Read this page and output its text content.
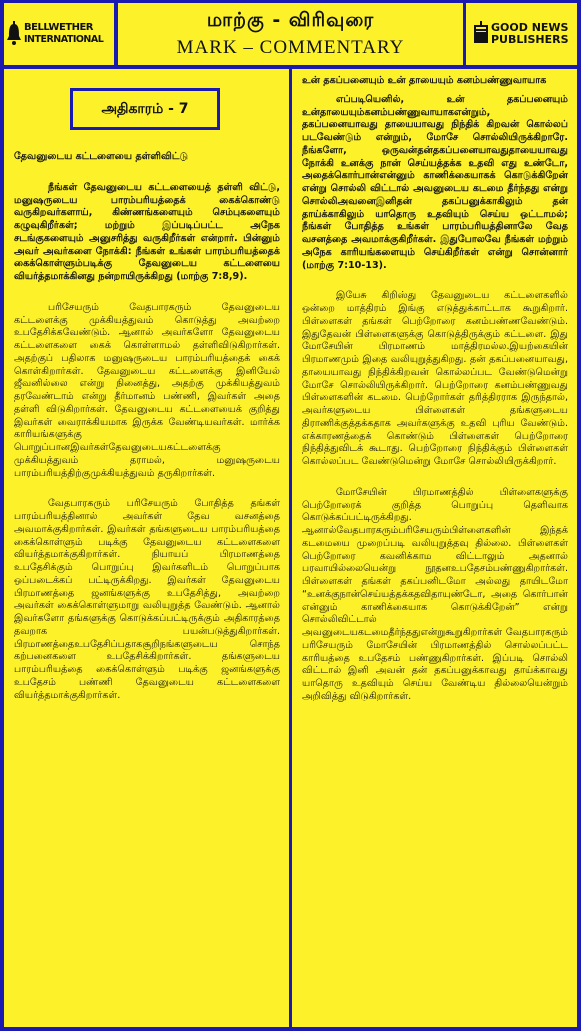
BELLWETHER
INTERNATIONAL
மாற்கு - விரிவுரை
MARK – COMMENTARY
GOOD NEWS
PUBLISHERS
அதிகாரம் - 7

தேவனுடைய கட்டளையை தள்ளிவிட்டு

நீங்கள் தேவனுடைய கட்டளையைத் தள்ளி விட்டு, மனுஷருடைய பாரம்பரியத்தைக் கைக்கொண்டு வருகிறவர்களாய், கிண்ணங்களையும் செம்புகளையும் கழுவுகிறீர்கள்; மற்றும் இப்படிப்பட்ட அநேக சடங்குகளையும் அனுசரித்து வருகிறீர்கள் என்றார். பின்னும் அவர் அவர்களை நோக்கி: நீங்கள் உங்கள் பாரம்பரியத்தைக் கைக்கொள்ளும்படிக்கு தேவனுடைய கட்டளையை வியர்த்தமாக்கினது நன்றாயிருக்கிறது (மாற்கு 7:8,9).

பரிசேயரும் வேதபாரகரும் தேவனுடைய கட்டளைக்கு முக்கியத்துவம் கொடுத்து அவற்றை உபதேசிக்கவேண்டும். ஆனால் அவர்களோ தேவனுடைய கட்டளைகளை கைக் கொள்ளாமல் தள்ளிவிடுகிறார்கள். அதற்குப் பதிலாக மனுஷருடைய பாரம்பரியத்தைக் கைக் கொள்கிறார்கள். தேவனுடைய கட்டளைக்கு இனியேல் ஜீவனில்லை என்று நினைத்து, அதற்கு முக்கியத்துவம் தரவேண்டாம் என்று தீர்மானம் பண்ணி, இவர்கள் அதை தள்ளி விடுகிறார்கள். தேவனுடைய கட்டளையைக் குறித்து இவர்கள் வைராக்கியமாக இருக்க வேண்டியவர்கள். மார்க்க காரியங்களுக்கு பொறுப்பானஇவர்கள்தேவனுடையகட்டளைக்கு முக்கியத்துவம் தராமல், மனுஷருடைய பாரம்பரியத்திற்குமுக்கியத்துவம் தருகிறார்கள்.

வேதபாரகரும் பரிசேயரும் போதித்த தங்கள் பாரம்பரியத்தினால் அவர்கள் தேவ வசனத்தை அவமாக்குகிறார்கள். இவர்கள் தங்களுடைய பாரம்பரியத்தை கைக்கொள்ளும் படிக்கு தேவனுடைய கட்டளைகளை வியர்த்தமாக்குகிறார்கள். நியாயப் பிரமாணத்தை உபதேசிக்கும் பொறுப்பு இவர்களிடம் பொறுப்பாக ஒப்படைக்கப் பட்டிருக்கிறது. இவர்கள் தேவனுடைய பிரமாணத்தை ஜனங்களுக்கு உபதேசித்து, அவற்றை அவர்கள் கைக்கொள்ளுமாறு வலியுறுத்த வேண்டும். ஆனால் இவர்களோ தங்களுக்கு கொடுக்கப்பட்டிருக்கும் அதிகாரத்தை தவறாக பயன்படுத்துகிறார்கள். பிரமாணத்தைஉபதேசிப்பதாகசூறிநங்களுடைய சொந்த கற்பனைகளை உபதேசிக்கிறார்கள். தங்களுடைய பாரம்பரியத்தை கைக்கொள்ளும் படிக்கு ஜனங்களுக்கு உபதேசம் பண்ணி தேவனுடைய கட்டளைகளை வியர்த்தமாக்குகிறார்கள்.

உன் தகப்பனையும் உன் தாயையும் கனம்பண்ணுவாயாக

எப்படியெனில், உன் தகப்பனையும் உன்தாயையும்கனம்பண்ணுவாயாகஎன்றும், தகப்பனையாவது தாயையாவது நிந்திக் கிறவன் கொல்லப் படவேண்டும் என்றும், மோசே சொல்லியிருக்கிறாரே. நீங்களோ, ஒருவன்தன்தகப்பனையாவதுதாயையாவது நோக்கி உனக்கு நான் செய்யத்தக்க உதவி எது உண்டோ, அதைக்கொர்பான்என்னும் காணிக்கையாகக் கொடுக்கிறேன் என்று சொல்லி விட்டால் அவனுடைய கடமை தீர்ந்தது என்று சொல்லிஅவனைஇனிதன் தகப்பனுக்காகிலும் தன் தாய்க்காகிலும் யாதொரு உதவியும் செய்ய ஒட்டாமல்; நீங்கள் போதித்த உங்கள் பாரம்பரியத்தினாலே வேத வசனத்தை அவமாக்குகிறீர்கள். இதுபோலவே நீங்கள் மற்றும் அநேக காரியங்களையும் செய்கிறீர்கள் என்று சொன்னார் (மாற்கு 7:10-13).

இயேசு கிறிஸ்து தேவனுடைய கட்டளைகளில் ஒன்றை மாத்திரம் இங்கு எடுத்துக்காட்டாக கூறுகிறார். பிள்ளைகள் தங்கள் பெற்றோரை கனம்பண்ணவேண்டும். இதுதேவன் பிள்ளைகளுக்கு கொடுத்திருக்கும் கட்டளை. இது மோசேயின் பிரமாணம் மாத்திரமல்ல.இயற்கையின் பிரமாணமும் இதை வலியுறுத்துகிறது. தன் தகப்பனையாவது, தாயையாவது நிந்திக்கிறவன் கொல்லப்பட வேண்டுமென்று மோசே சொல்லியிருக்கிறார். பெற்றோரை கனம்பண்ணுவது பிள்ளைகளின் கடமை. பெற்றோர்கள் தரித்திரராக இருந்தால், அவர்களுடைய பிள்ளைகள் தங்களுடைய திராணிக்குத்தக்கதாக அவர்களுக்கு உதவி புரிய வேண்டும். எக்காரணத்தைக் கொண்டும் பிள்ளைகள் பெற்றோரை நிந்தித்துவிடக் கூடாது. பெற்றோரை நிந்திக்கும் பிள்ளைகள் கொல்லப்பட வேண்டுமென்று மோசே சொல்லியிருக்கிறார்.

மோசேயின் பிரமாணத்தில் பிள்ளைகளுக்கு பெற்றோரைக் குறித்த பொறுப்பு தெளிவாக கொடுக்கப்பட்டிருக்கிறது. ஆனால்வேதபாரகரும்பரிசேயரும்பிள்ளைகளின் இந்தக் கடமையை முறைப்படி வலியுறுத்தவு தில்லை. பிள்ளைகள் பெற்றோரை கவனிக்காம விட்டாலும் அதனால் பரவாயில்லையென்று நூதனஉபதேசம்பண்ணுகிறார்கள். பிள்ளைகள் தங்கள் தகப்பனிடமோ அல்லது தாயிடமோ “உனக்குநான்செய்யத்தக்கதவிதாயுண்டோ, அதை கொர்பான் என்னும் காணிக்கையாக கொடுக்கிறேன்” என்று சொல்லிவிட்டால் அவனுடையகடமைதீர்ந்ததுஎன்றுகூறுகிறார்கள் வேதபாரகரும் பரிசேயரும் மோசேயின் பிரமாணத்தில் சொல்லப்பட்ட காரியத்தை உபதேசம் பண்ணுகிறார்கள். இப்படி சொல்லி விட்டால் இனி அவன் தன் தகப்பனுக்காவது தாய்க்காவது யாதொரு உதவியும் செய்ய வேண்டிய தில்லையென்றும் அறிவித்து விடுகிறார்கள்.
